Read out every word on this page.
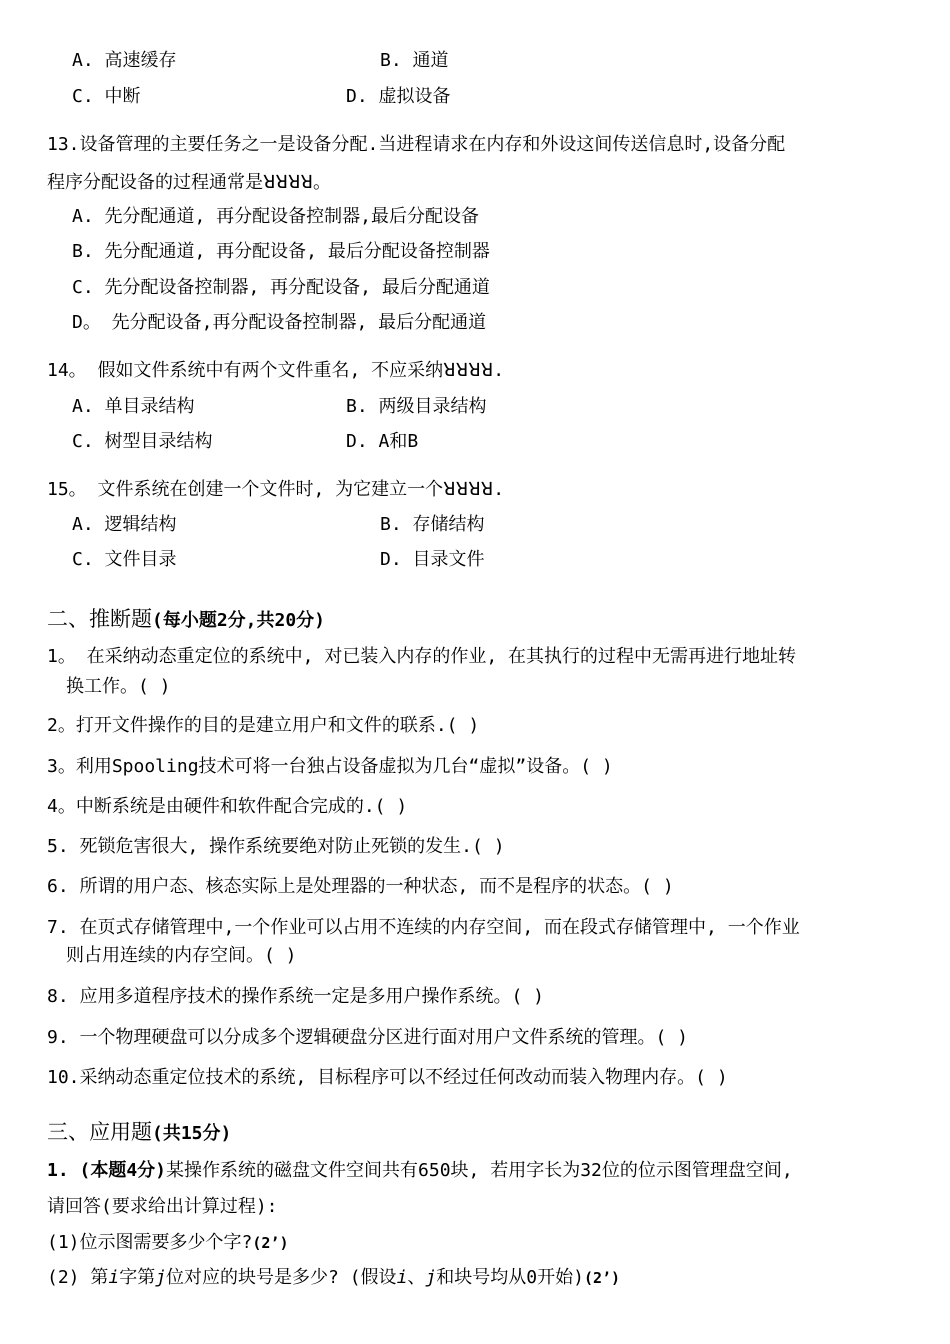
A. 高速缓存	B. 通道
C. 中断	D. 虚拟设备
13.设备管理的主要任务之一是设备分配.当进程请求在内存和外设这间传送信息时,设备分配
程序分配设备的过程通常是ꓤꓤꓤꓤ。
A. 先分配通道, 再分配设备控制器,最后分配设备
B. 先分配通道, 再分配设备, 最后分配设备控制器
C. 先分配设备控制器, 再分配设备, 最后分配通道
D。 先分配设备,再分配设备控制器, 最后分配通道
14。 假如文件系统中有两个文件重名, 不应采纳ꓤꓤꓤꓤ.
A. 单目录结构	B. 两级目录结构
C. 树型目录结构	D. A和B
15。 文件系统在创建一个文件时, 为它建立一个ꓤꓤꓤꓤ.
A. 逻辑结构	B. 存储结构
C. 文件目录	D. 目录文件
二、推断题(每小题2分,共20分)
1。 在采纳动态重定位的系统中, 对已装入内存的作业, 在其执行的过程中无需再进行地址转
换工作。( )
2。打开文件操作的目的是建立用户和文件的联系.( )
3。利用Spooling技术可将一台独占设备虚拟为几台“虚拟”设备。( )
4。中断系统是由硬件和软件配合完成的.( )
5. 死锁危害很大, 操作系统要绝对防止死锁的发生.( )
6. 所谓的用户态、核态实际上是处理器的一种状态, 而不是程序的状态。( )
7. 在页式存储管理中,一个作业可以占用不连续的内存空间, 而在段式存储管理中, 一个作业
则占用连续的内存空间。( )
8. 应用多道程序技术的操作系统一定是多用户操作系统。( )
9. 一个物理硬盘可以分成多个逻辑硬盘分区进行面对用户文件系统的管理。( )
10.采纳动态重定位技术的系统, 目标程序可以不经过任何改动而装入物理内存。( )
三、应用题(共15分)
1. (本题4分)某操作系统的磁盘文件空间共有650块, 若用字长为32位的位示图管理盘空间,
请回答(要求给出计算过程):
(1)位示图需要多少个字?(2’)
(2) 第i字第j位对应的块号是多少? (假设i、j和块号均从0开始)(2’)
